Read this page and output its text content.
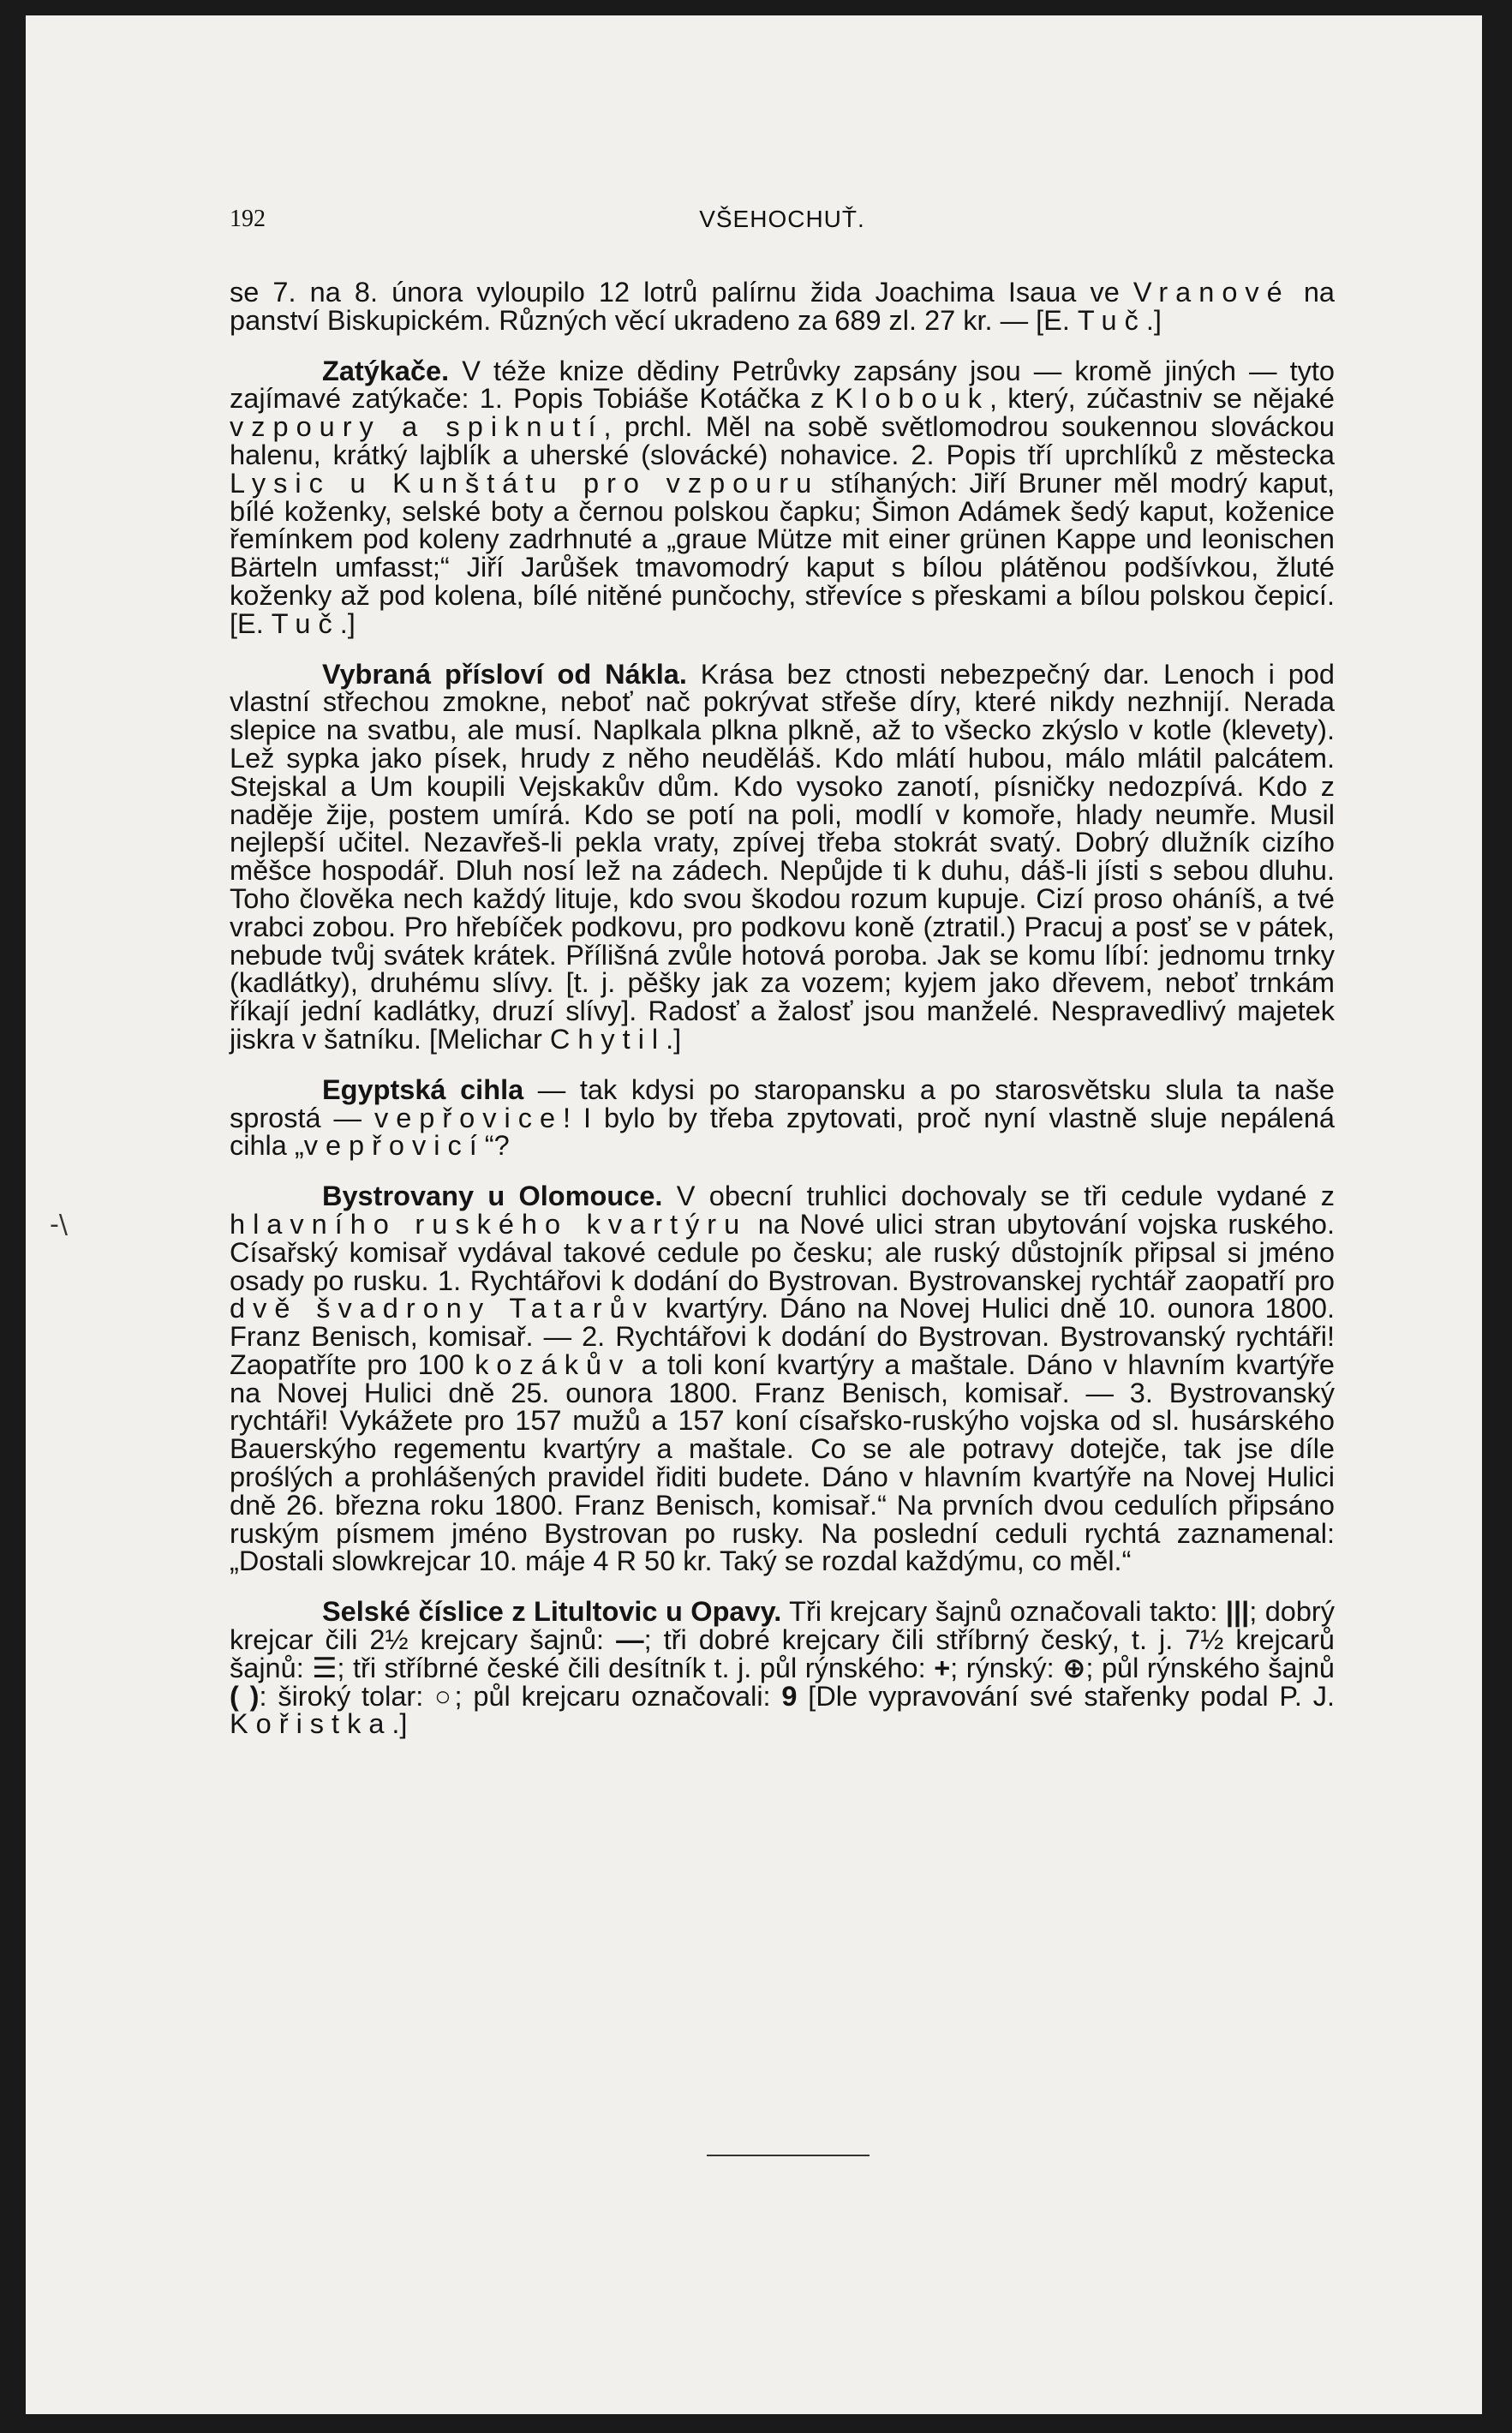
192	VŠEHOCHUŤ.
-\

se 7. na 8. února vyloupilo 12 lotrů palírnu žida Joachima Isaua ve Vranové na panství Biskupickém. Různých věcí ukradeno za 689 zl. 27 kr. — [E. Tuč.]

Zatýkače. V téže knize dědiny Petrůvky zapsány jsou — kromě jiných — tyto zajímavé zatýkače: 1. Popis Tobiáše Kotáčka z Klobouk, který, zúčastniv se nějaké vzpoury a spiknutí, prchl. Měl na sobě světlomodrou soukennou slováckou halenu, krátký lajblík a uherské (slovácké) nohavice. 2. Popis tří uprchlíků z městecka Lysic u Kunštátu pro vzpouru stíhaných: Jiří Bruner měl modrý kaput, bílé koženky, selské boty a černou polskou čapku; Šimon Adámek šedý kaput, koženice řemínkem pod koleny zadrhnuté a „graue Mütze mit einer grünen Kappe und leonischen Bärteln umfasst;“ Jiří Jarůšek tmavomodrý kaput s bílou plátěnou podšívkou, žluté koženky až pod kolena, bílé nitěné punčochy, střevíce s přeskami a bílou polskou čepicí. [E. Tuč.]

Vybraná přísloví od Nákla. Krása bez ctnosti nebezpečný dar. Lenoch i pod vlastní střechou zmokne, neboť nač pokrývat střeše díry, které nikdy nezhnijí. Nerada slepice na svatbu, ale musí. Naplkala plkna plkně, až to všecko zkýslo v kotle (klevety). Lež sypka jako písek, hrudy z něho neuděláš. Kdo mlátí hubou, málo mlátil palcátem. Stejskal a Um koupili Vejskakův dům. Kdo vysoko zanotí, písničky nedozpívá. Kdo z naděje žije, postem umírá. Kdo se potí na poli, modlí v komoře, hlady neumře. Musil nejlepší učitel. Nezavřeš-li pekla vraty, zpívej třeba stokrát svatý. Dobrý dlužník cizího měšce hospodář. Dluh nosí lež na zádech. Nepůjde ti k duhu, dáš-li jísti s sebou dluhu. Toho člověka nech každý lituje, kdo svou škodou rozum kupuje. Cizí proso oháníš, a tvé vrabci zobou. Pro hřebíček podkovu, pro podkovu koně (ztratil.) Pracuj a posť se v pátek, nebude tvůj svátek krátek. Přílišná zvůle hotová poroba. Jak se komu líbí: jednomu trnky (kadlátky), druhému slívy. [t. j. pěšky jak za vozem; kyjem jako dřevem, neboť trnkám říkají jední kadlátky, druzí slívy]. Radosť a žalosť jsou manželé. Nespravedlivý majetek jiskra v šatníku. [Melichar Chytil.]

Egyptská cihla — tak kdysi po staropansku a po starosvětsku slula ta naše sprostá — vepřovice! I bylo by třeba zpytovati, proč nyní vlastně sluje nepálená cihla „vepřovicí“?

Bystrovany u Olomouce. V obecní truhlici dochovaly se tři cedule vydané z hlavního ruského kvartýru na Nové ulici stran ubytování vojska ruského. Císařský komisař vydával takové cedule po česku; ale ruský důstojník připsal si jméno osady po rusku. 1. Rychtářovi k dodání do Bystrovan. Bystrovanskej rychtář zaopatří pro dvě švadrony Tatarův kvartýry. Dáno na Novej Hulici dně 10. ounora 1800. Franz Benisch, komisař. — 2. Rychtářovi k dodání do Bystrovan. Bystrovanský rychtáři! Zaopatříte pro 100 kozákův a toli koní kvartýry a maštale. Dáno v hlavním kvartýře na Novej Hulici dně 25. ounora 1800. Franz Benisch, komisař. — 3. Bystrovanský rychtáři! Vykážete pro 157 mužů a 157 koní císařsko-ruskýho vojska od sl. husárského Bauerskýho regementu kvartýry a maštale. Co se ale potravy dotejče, tak jse díle proślých a prohlášených pravidel řiditi budete. Dáno v hlavním kvartýře na Novej Hulici dně 26. března roku 1800. Franz Benisch, komisař.“ Na prvních dvou cedulích připsáno ruským písmem jméno Bystrovan po rusky. Na poslední ceduli rychtá zaznamenal: „Dostali slowkrejcar 10. máje 4 R 50 kr. Taký se rozdal každýmu, co měl.“

Selské číslice z Litultovic u Opavy. Tři krejcary šajnů označovali takto: |||; dobrý krejcar čili 2½ krejcary šajnů: —; tři dobré krejcary čili stříbrný český, t. j. 7½ krejcarů šajnů: ☰; tři stříbrné české čili desítník t. j. půl rýnského: +; rýnský: ⊕; půl rýnského šajnů ( ): široký tolar: ○; půl krejcaru označovali: 9 [Dle vypravování své stařenky podal P. J. Kořistka.]
